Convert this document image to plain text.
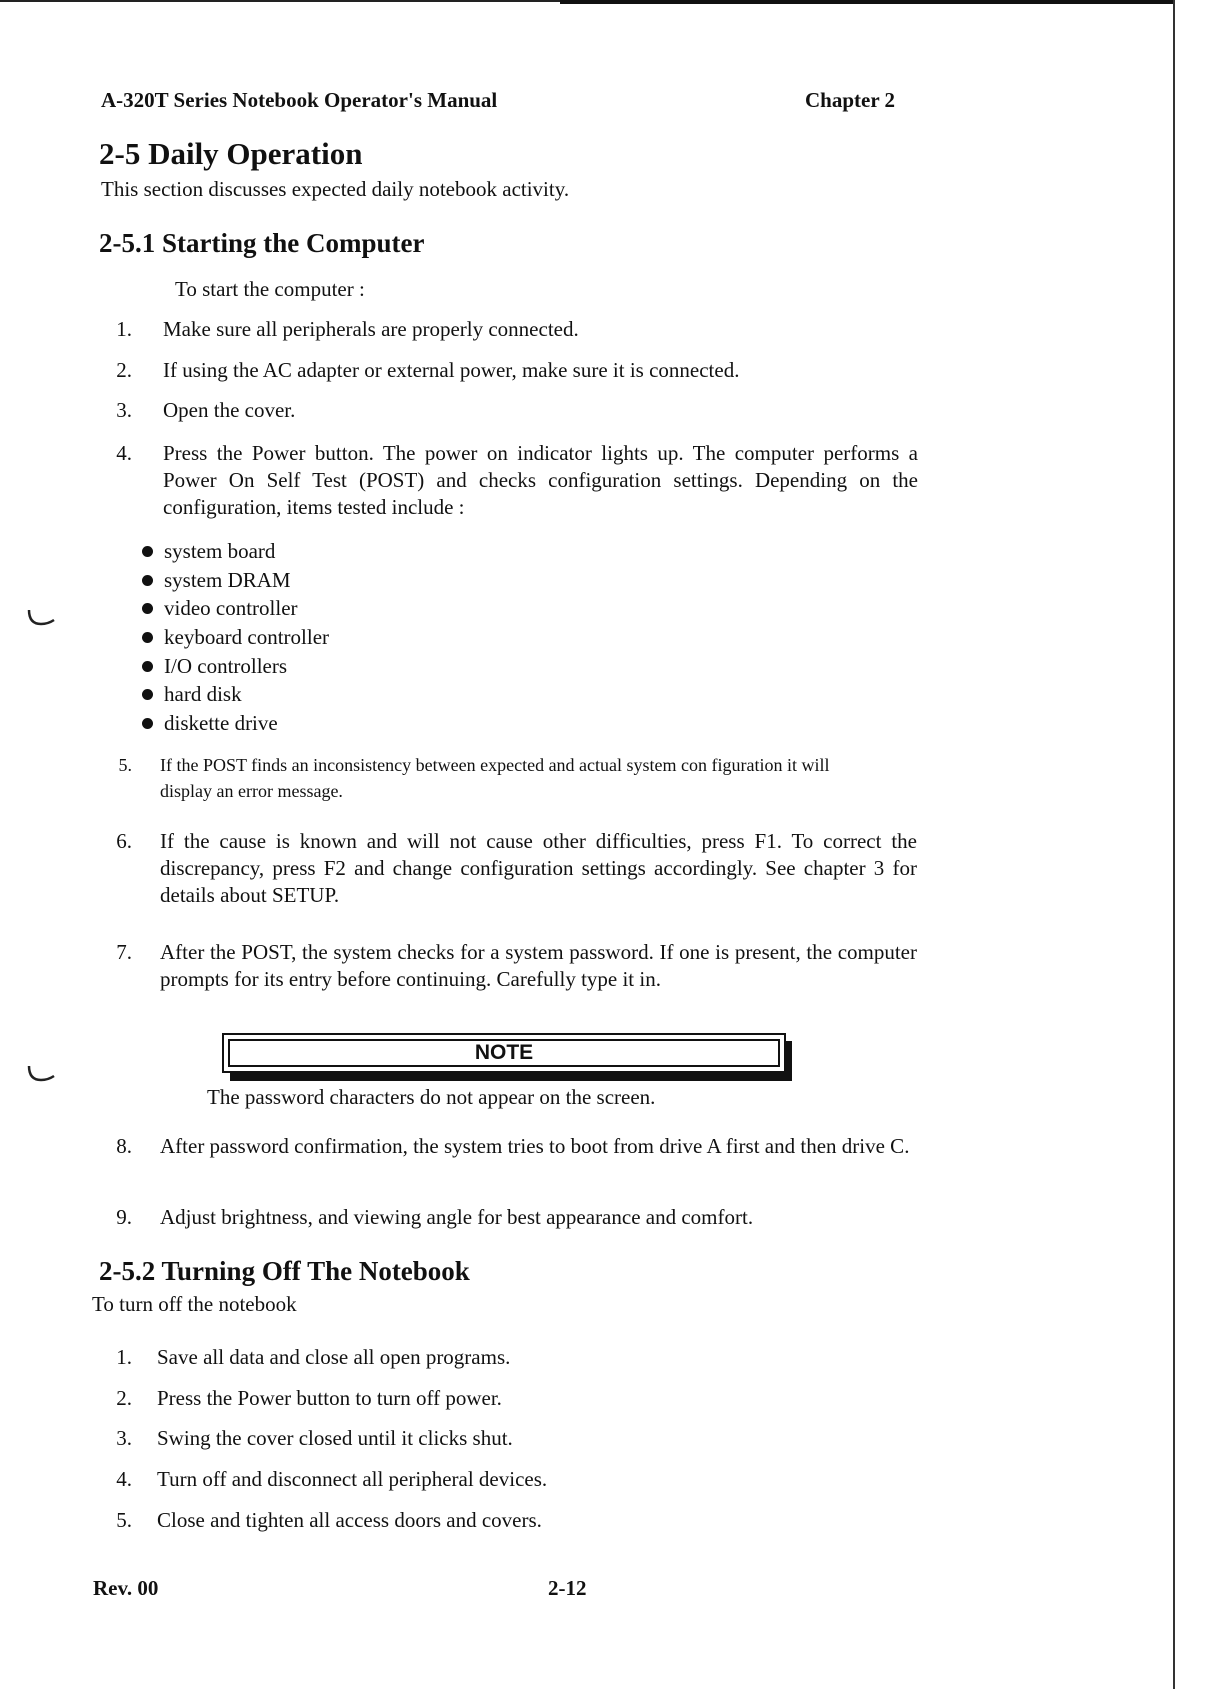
A-320T Series Notebook Operator's Manual	Chapter 2
2-5 Daily Operation
This section discusses expected daily notebook activity.
2-5.1 Starting the Computer
To start the computer :
1. Make sure all peripherals are properly connected.
2. If using the AC adapter or external power, make sure it is connected.
3. Open the cover.
4. Press the Power button. The power on indicator lights up. The computer performs a Power On Self Test (POST) and checks configuration settings. Depending on the configuration, items tested include :
system board
system DRAM
video controller
keyboard controller
I/O controllers
hard disk
diskette drive
5. If the POST finds an inconsistency between expected and actual system con figuration it will display an error message.
6. If the cause is known and will not cause other difficulties, press F1. To correct the discrepancy, press F2 and change configuration settings accordingly. See chapter 3 for details about SETUP.
7. After the POST, the system checks for a system password. If one is present, the computer prompts for its entry before continuing. Carefully type it in.
NOTE
The password characters do not appear on the screen.
8. After password confirmation, the system tries to boot from drive A first and then drive C.
9. Adjust brightness, and viewing angle for best appearance and comfort.
2-5.2 Turning Off The Notebook
To turn off the notebook
1. Save all data and close all open programs.
2. Press the Power button to turn off power.
3. Swing the cover closed until it clicks shut.
4. Turn off and disconnect all peripheral devices.
5. Close and tighten all access doors and covers.
Rev. 00	2-12
